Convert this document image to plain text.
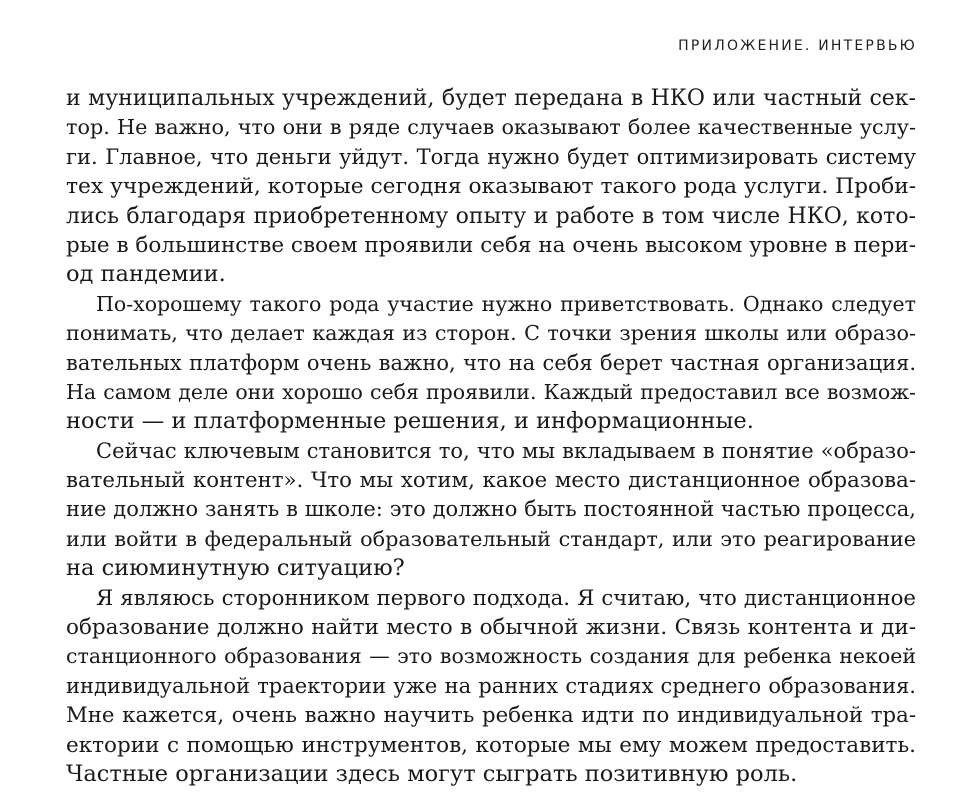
ПРИЛОЖЕНИЕ. ИНТЕРВЬЮ
и муниципальных учреждений, будет передана в НКО или частный сек-
тор. Не важно, что они в ряде случаев оказывают более качественные услу-
ги. Главное, что деньги уйдут. Тогда нужно будет оптимизировать систему
тех учреждений, которые сегодня оказывают такого рода услуги. Проби-
лись благодаря приобретенному опыту и работе в том числе НКО, кото-
рые в большинстве своем проявили себя на очень высоком уровне в пери-
од пандемии.
По-хорошему такого рода участие нужно приветствовать. Однако следует
понимать, что делает каждая из сторон. С точки зрения школы или образо-
вательных платформ очень важно, что на себя берет частная организация.
На самом деле они хорошо себя проявили. Каждый предоставил все возмож-
ности — и платформенные решения, и информационные.
Сейчас ключевым становится то, что мы вкладываем в понятие «образо-
вательный контент». Что мы хотим, какое место дистанционное образова-
ние должно занять в школе: это должно быть постоянной частью процесса,
или войти в федеральный образовательный стандарт, или это реагирование
на сиюминутную ситуацию?
Я являюсь сторонником первого подхода. Я считаю, что дистанционное
образование должно найти место в обычной жизни. Связь контента и ди-
станционного образования — это возможность создания для ребенка некоей
индивидуальной траектории уже на ранних стадиях среднего образования.
Мне кажется, очень важно научить ребенка идти по индивидуальной тра-
ектории с помощью инструментов, которые мы ему можем предоставить.
Частные организации здесь могут сыграть позитивную роль.
